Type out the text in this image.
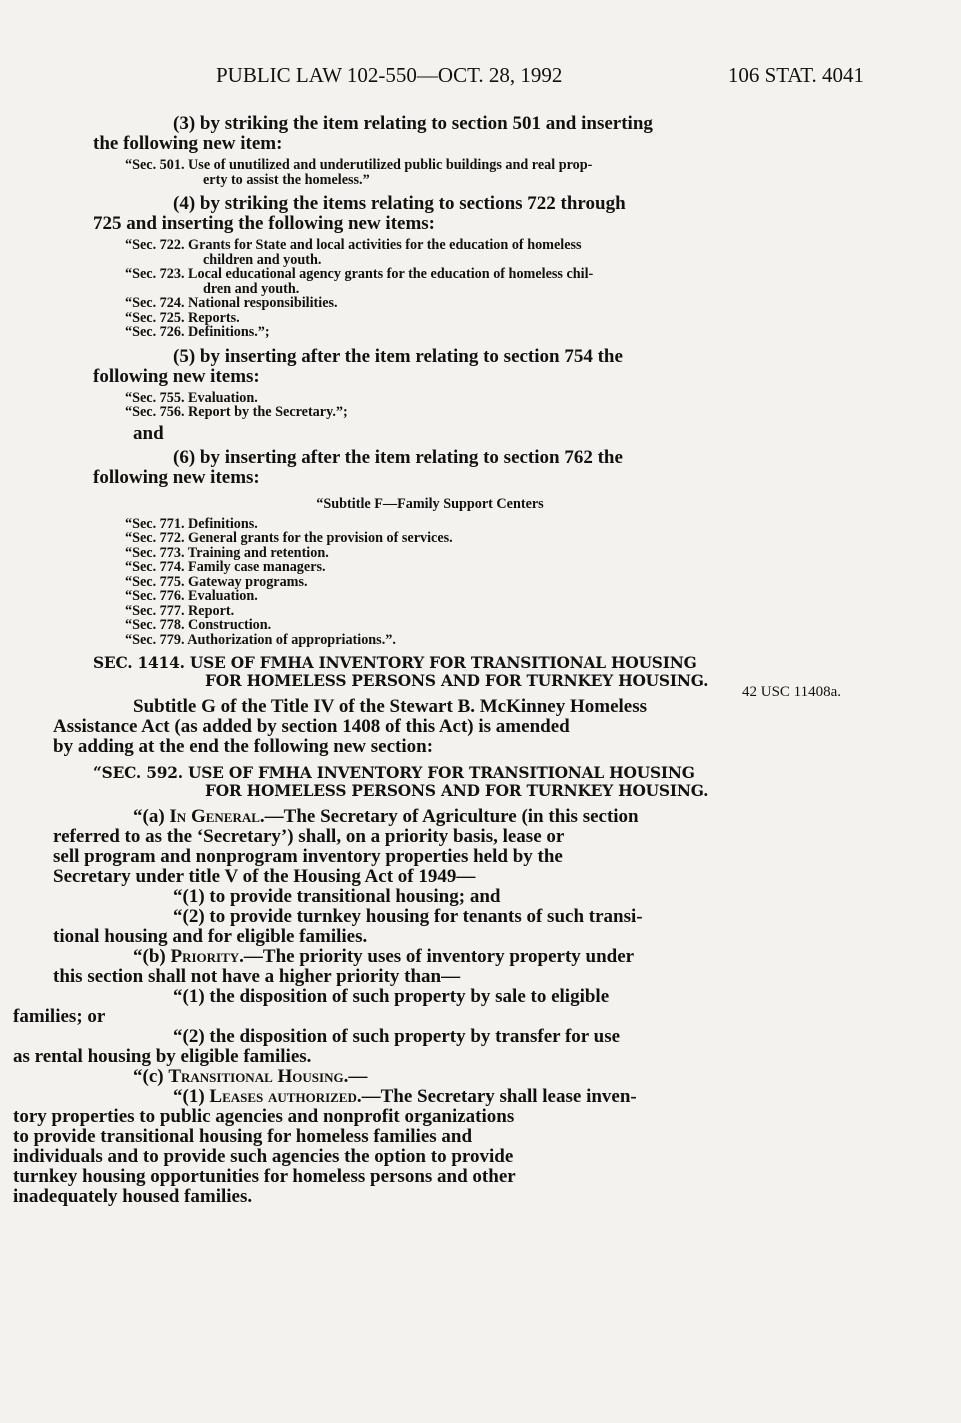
PUBLIC LAW 102-550—OCT. 28, 1992	106 STAT. 4041
42 USC 11408a.

(3) by striking the item relating to section 501 and inserting
the following new item:

“Sec. 501. Use of unutilized and underutilized public buildings and real prop-
erty to assist the homeless.”

(4) by striking the items relating to sections 722 through
725 and inserting the following new items:

“Sec. 722. Grants for State and local activities for the education of homeless
children and youth.
“Sec. 723. Local educational agency grants for the education of homeless chil-
dren and youth.
“Sec. 724. National responsibilities.
“Sec. 725. Reports.
“Sec. 726. Definitions.”;

(5) by inserting after the item relating to section 754 the
following new items:

“Sec. 755. Evaluation.
“Sec. 756. Report by the Secretary.”;

and

(6) by inserting after the item relating to section 762 the
following new items:

“Subtitle F—Family Support Centers

“Sec. 771. Definitions.
“Sec. 772. General grants for the provision of services.
“Sec. 773. Training and retention.
“Sec. 774. Family case managers.
“Sec. 775. Gateway programs.
“Sec. 776. Evaluation.
“Sec. 777. Report.
“Sec. 778. Construction.
“Sec. 779. Authorization of appropriations.”.
SEC. 1414. USE OF FMHA INVENTORY FOR TRANSITIONAL HOUSING
FOR HOMELESS PERSONS AND FOR TURNKEY HOUSING.

Subtitle G of the Title IV of the Stewart B. McKinney Homeless
Assistance Act (as added by section 1408 of this Act) is amended
by adding at the end the following new section:

“SEC. 592. USE OF FMHA INVENTORY FOR TRANSITIONAL HOUSING
FOR HOMELESS PERSONS AND FOR TURNKEY HOUSING.

“(a) In General.—The Secretary of Agriculture (in this section
referred to as the ‘Secretary’) shall, on a priority basis, lease or
sell program and nonprogram inventory properties held by the
Secretary under title V of the Housing Act of 1949—

“(1) to provide transitional housing; and

“(2) to provide turnkey housing for tenants of such transi-
tional housing and for eligible families.

“(b) Priority.—The priority uses of inventory property under
this section shall not have a higher priority than—

“(1) the disposition of such property by sale to eligible
families; or

“(2) the disposition of such property by transfer for use
as rental housing by eligible families.

“(c) Transitional Housing.—

“(1) Leases authorized.—The Secretary shall lease inven-
tory properties to public agencies and nonprofit organizations
to provide transitional housing for homeless families and
individuals and to provide such agencies the option to provide
turnkey housing opportunities for homeless persons and other
inadequately housed families.
